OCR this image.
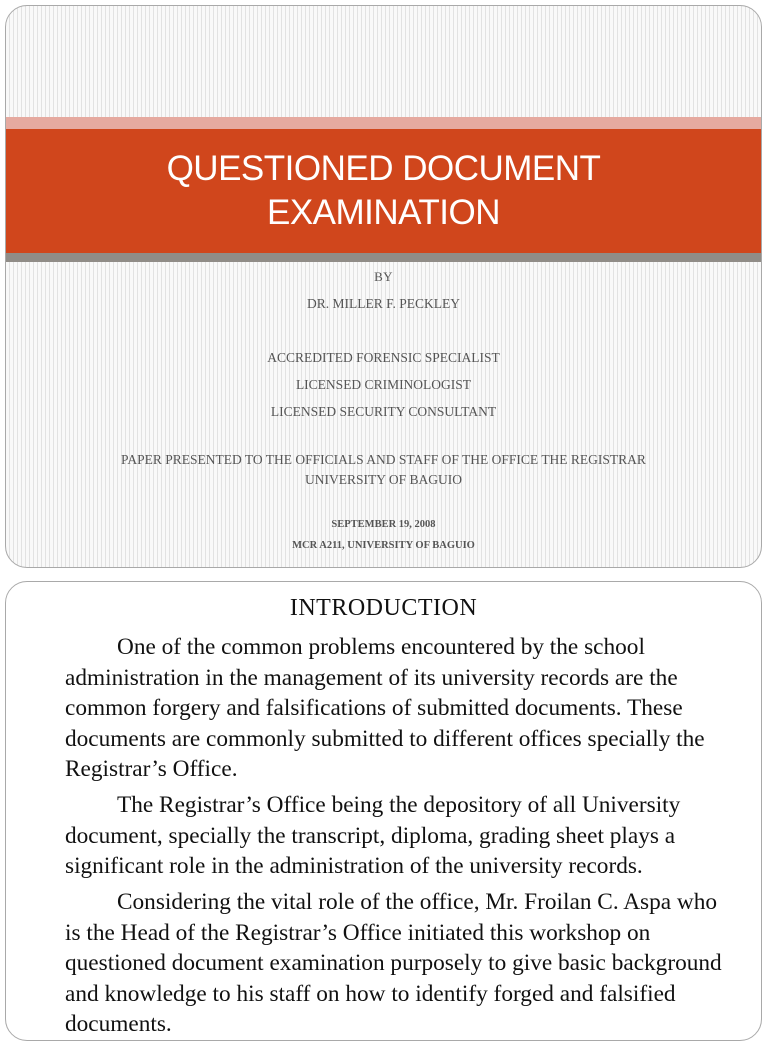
QUESTIONED DOCUMENT
EXAMINATION

BY

DR. MILLER F. PECKLEY

ACCREDITED FORENSIC SPECIALIST

LICENSED CRIMINOLOGIST

LICENSED SECURITY CONSULTANT

PAPER PRESENTED TO THE OFFICIALS AND STAFF OF THE OFFICE THE REGISTRAR

UNIVERSITY OF BAGUIO

SEPTEMBER 19, 2008

MCR A211, UNIVERSITY OF BAGUIO

INTRODUCTION

One of the common problems encountered by the school administration in the management of its university records are the common forgery and falsifications of submitted documents. These documents are commonly submitted to different offices specially the Registrar’s Office.

The Registrar’s Office being the depository of all University document, specially the transcript, diploma, grading sheet plays a significant role in the administration of the university records.

Considering the vital role of the office, Mr. Froilan C. Aspa who is the Head of the Registrar’s Office initiated this workshop on questioned document examination purposely to give basic background and knowledge to his staff on how to identify forged and falsified documents.
